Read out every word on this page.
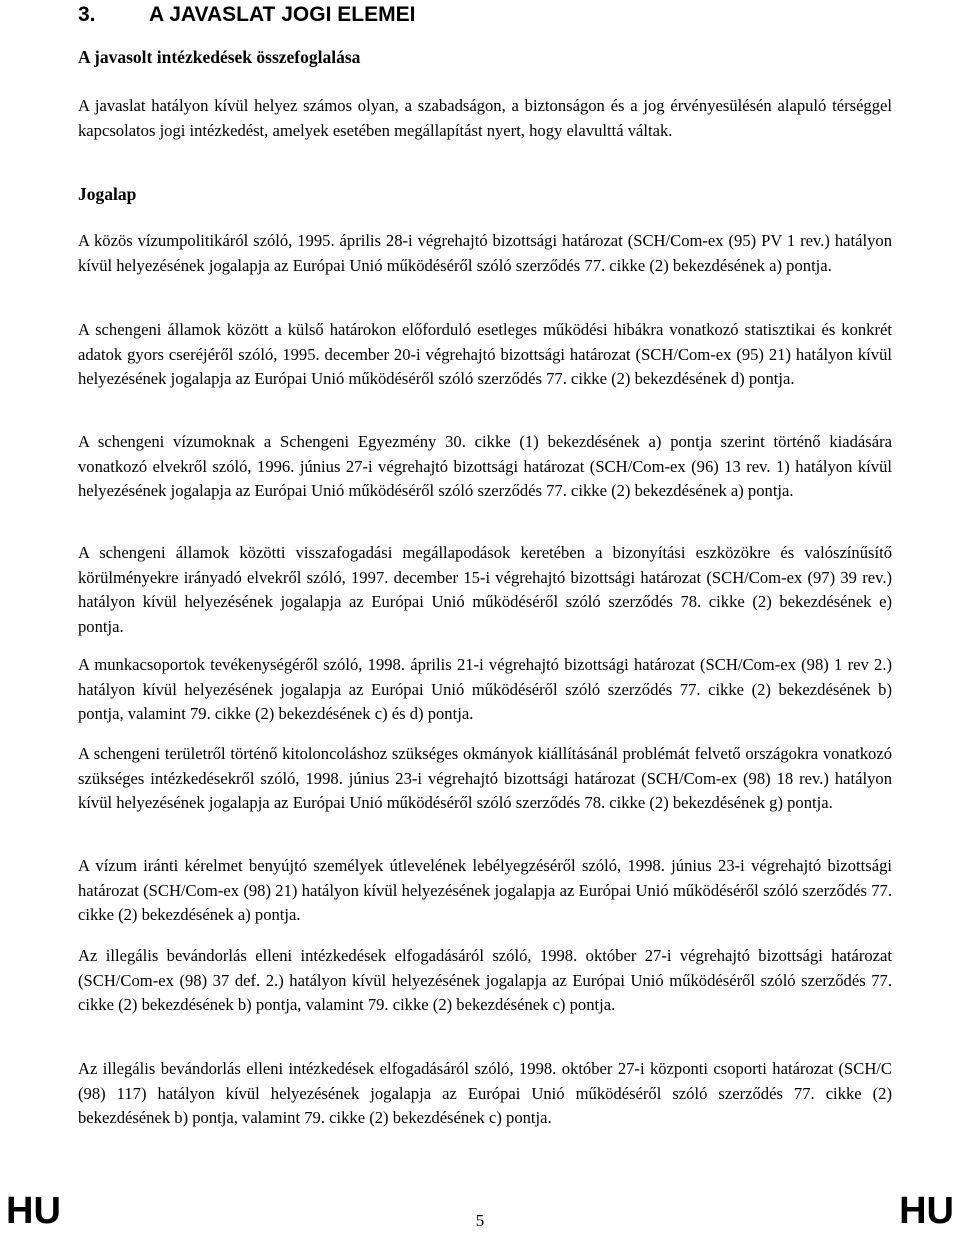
3.	A JAVASLAT JOGI ELEMEI
A javasolt intézkedések összefoglalása

A javaslat hatályon kívül helyez számos olyan, a szabadságon, a biztonságon és a jog érvényesülésén alapuló térséggel kapcsolatos jogi intézkedést, amelyek esetében megállapítást nyert, hogy elavulttá váltak.

Jogalap

A közös vízumpolitikáról szóló, 1995. április 28-i végrehajtó bizottsági határozat (SCH/Com-ex (95) PV 1 rev.) hatályon kívül helyezésének jogalapja az Európai Unió működéséről szóló szerződés 77. cikke (2) bekezdésének a) pontja.

A schengeni államok között a külső határokon előforduló esetleges működési hibákra vonatkozó statisztikai és konkrét adatok gyors cseréjéről szóló, 1995. december 20-i végrehajtó bizottsági határozat (SCH/Com-ex (95) 21) hatályon kívül helyezésének jogalapja az Európai Unió működéséről szóló szerződés 77. cikke (2) bekezdésének d) pontja.

A schengeni vízumoknak a Schengeni Egyezmény 30. cikke (1) bekezdésének a) pontja szerint történő kiadására vonatkozó elvekről szóló, 1996. június 27-i végrehajtó bizottsági határozat (SCH/Com-ex (96) 13 rev. 1) hatályon kívül helyezésének jogalapja az Európai Unió működéséről szóló szerződés 77. cikke (2) bekezdésének a) pontja.

A schengeni államok közötti visszafogadási megállapodások keretében a bizonyítási eszközökre és valószínűsítő körülményekre irányadó elvekről szóló, 1997. december 15-i végrehajtó bizottsági határozat (SCH/Com-ex (97) 39 rev.) hatályon kívül helyezésének jogalapja az Európai Unió működéséről szóló szerződés 78. cikke (2) bekezdésének e) pontja.

A munkacsoportok tevékenységéről szóló, 1998. április 21-i végrehajtó bizottsági határozat (SCH/Com-ex (98) 1 rev 2.) hatályon kívül helyezésének jogalapja az Európai Unió működéséről szóló szerződés 77. cikke (2) bekezdésének b) pontja, valamint 79. cikke (2) bekezdésének c) és d) pontja.

A schengeni területről történő kitoloncoláshoz szükséges okmányok kiállításánál problémát felvető országokra vonatkozó szükséges intézkedésekről szóló, 1998. június 23-i végrehajtó bizottsági határozat (SCH/Com-ex (98) 18 rev.) hatályon kívül helyezésének jogalapja az Európai Unió működéséről szóló szerződés 78. cikke (2) bekezdésének g) pontja.

A vízum iránti kérelmet benyújtó személyek útlevelének lebélyegzéséről szóló, 1998. június 23-i végrehajtó bizottsági határozat (SCH/Com-ex (98) 21) hatályon kívül helyezésének jogalapja az Európai Unió működéséről szóló szerződés 77. cikke (2) bekezdésének a) pontja.

Az illegális bevándorlás elleni intézkedések elfogadásáról szóló, 1998. október 27-i végrehajtó bizottsági határozat (SCH/Com-ex (98) 37 def. 2.) hatályon kívül helyezésének jogalapja az Európai Unió működéséről szóló szerződés 77. cikke (2) bekezdésének b) pontja, valamint 79. cikke (2) bekezdésének c) pontja.

Az illegális bevándorlás elleni intézkedések elfogadásáról szóló, 1998. október 27-i központi csoporti határozat (SCH/C (98) 117) hatályon kívül helyezésének jogalapja az Európai Unió működéséről szóló szerződés 77. cikke (2) bekezdésének b) pontja, valamint 79. cikke (2) bekezdésének c) pontja.

HU	5	HU
